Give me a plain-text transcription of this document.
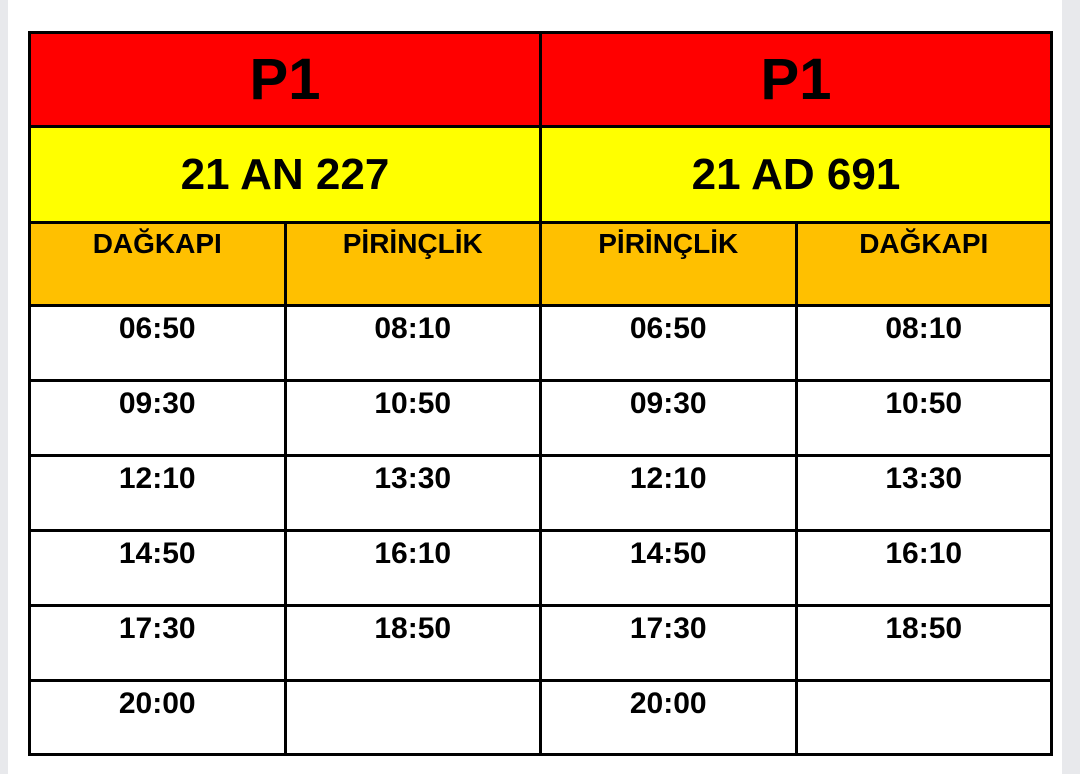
P1		P1	
21 AN 227		21 AD 691	
DAĞKAPI	PİRİNÇLİK	PİRİNÇLİK	DAĞKAPI
06:50	08:10	06:50	08:10
09:30	10:50	09:30	10:50
12:10	13:30	12:10	13:30
14:50	16:10	14:50	16:10
17:30	18:50	17:30	18:50
20:00		20:00	
